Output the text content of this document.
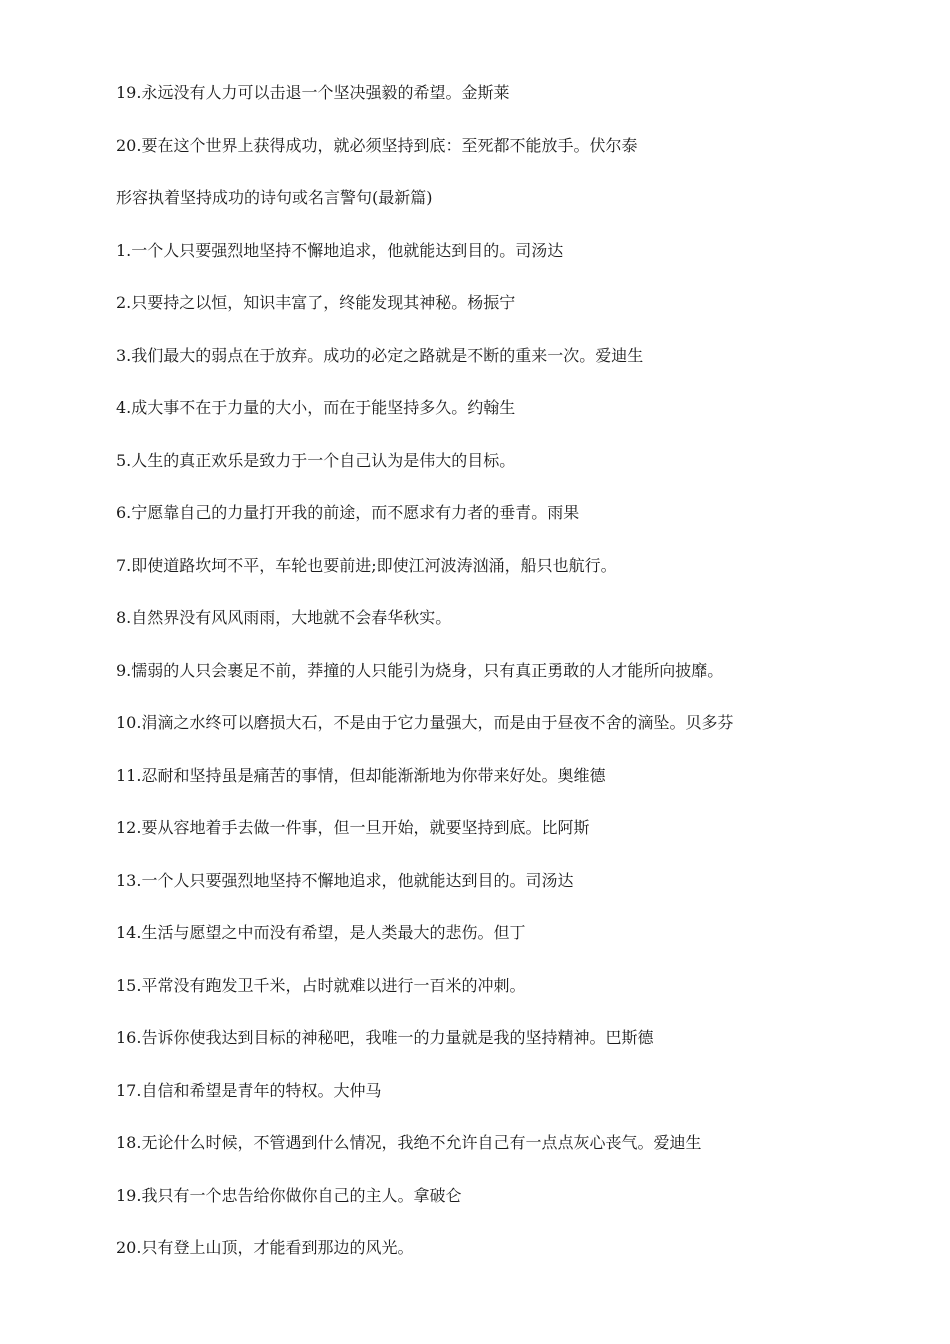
19.永远没有人力可以击退一个坚决强毅的希望。金斯莱
20.要在这个世界上获得成功，就必须坚持到底：至死都不能放手。伏尔泰
形容执着坚持成功的诗句或名言警句(最新篇)
1.一个人只要强烈地坚持不懈地追求，他就能达到目的。司汤达
2.只要持之以恒，知识丰富了，终能发现其神秘。杨振宁
3.我们最大的弱点在于放弃。成功的必定之路就是不断的重来一次。爱迪生
4.成大事不在于力量的大小，而在于能坚持多久。约翰生
5.人生的真正欢乐是致力于一个自己认为是伟大的目标。
6.宁愿靠自己的力量打开我的前途，而不愿求有力者的垂青。雨果
7.即使道路坎坷不平，车轮也要前进;即使江河波涛汹涌，船只也航行。
8.自然界没有风风雨雨，大地就不会春华秋实。
9.懦弱的人只会裹足不前，莽撞的人只能引为烧身，只有真正勇敢的人才能所向披靡。
10.涓滴之水终可以磨损大石，不是由于它力量强大，而是由于昼夜不舍的滴坠。贝多芬
11.忍耐和坚持虽是痛苦的事情，但却能渐渐地为你带来好处。奥维德
12.要从容地着手去做一件事，但一旦开始，就要坚持到底。比阿斯
13.一个人只要强烈地坚持不懈地追求，他就能达到目的。司汤达
14.生活与愿望之中而没有希望，是人类最大的悲伤。但丁
15.平常没有跑发卫千米，占时就难以进行一百米的冲刺。
16.告诉你使我达到目标的神秘吧，我唯一的力量就是我的坚持精神。巴斯德
17.自信和希望是青年的特权。大仲马
18.无论什么时候，不管遇到什么情况，我绝不允许自己有一点点灰心丧气。爱迪生
19.我只有一个忠告给你做你自己的主人。拿破仑
20.只有登上山顶，才能看到那边的风光。
